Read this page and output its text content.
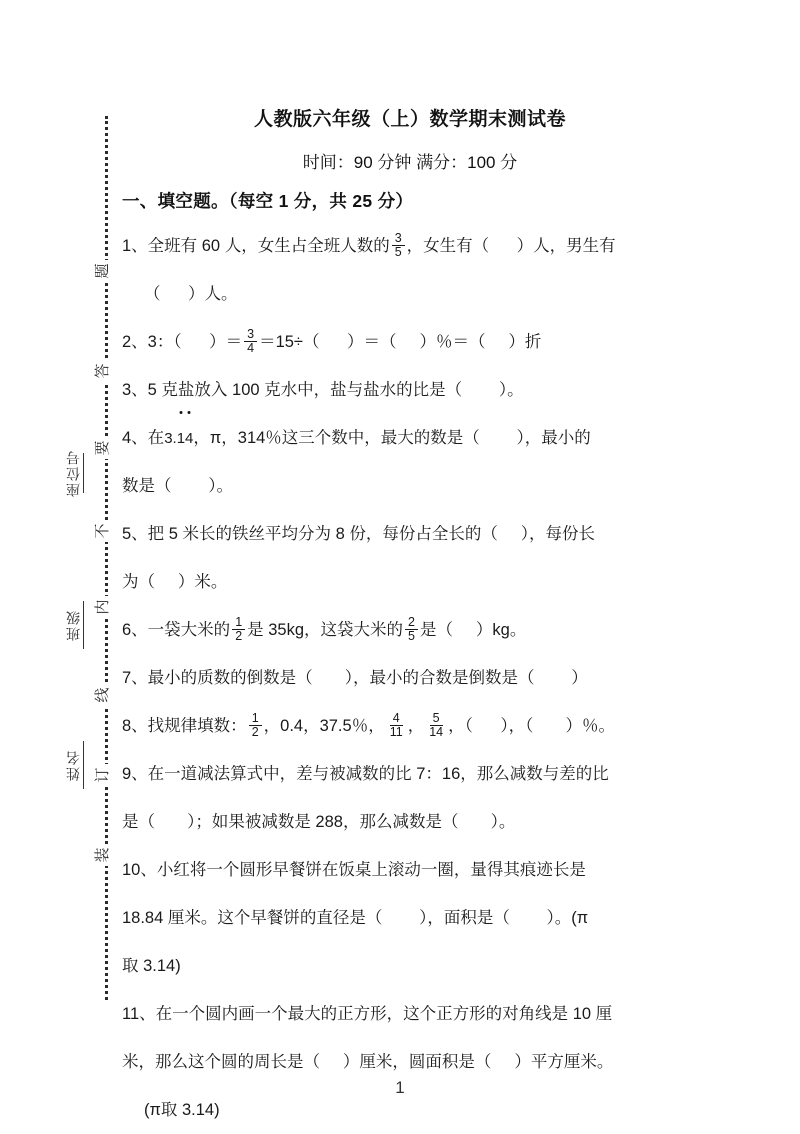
座位号
班级
姓名
题
答
要
不
内
线
订
装
人教版六年级（上）数学期末测试卷
时间：90 分钟 满分：100 分
一、填空题。（每空 1 分，共 25 分）
1、全班有 60 人，女生占全班人数的 $\frac{3}{5}$ ，女生有（ ）人，男生有
（ ）人。
2、3：（ ）＝ $\frac{3}{4} =15\div$（ ）＝（ ）％＝（ ）折
3、5 克盐放入 100 克水中，盐与盐水的比是（ ）。
4、在3.14，π，314％这三个数中，最大的数是（ ），最小的
数是（ ）。
5、把 5 米长的铁丝平均分为 8 份，每份占全长的（ ），每份长
为（ ）米。
6、一袋大米的 $\frac{1}{2}$ 是 35kg，这袋大米的 $\frac{2}{5}$ 是（ ）kg。
7、最小的质数的倒数是（ ），最小的合数是倒数是（ ）
8、找规律填数： $\frac{1}{2}$ ，0.4，37.5％， $\frac{4}{11}$ ， $\frac{5}{14}$ ，（ ），（ ）％。
9、在一道减法算式中，差与被减数的比 7：16，那么减数与差的比
是（ ）；如果被减数是 288，那么减数是（ ）。
10、小红将一个圆形早餐饼在饭桌上滚动一圈，量得其痕迹长是
18.84 厘米。这个早餐饼的直径是（ ），面积是（ ）。(π
取 3.14)
11、在一个圆内画一个最大的正方形，这个正方形的对角线是 10 厘
米，那么这个圆的周长是（ ）厘米，圆面积是（ ）平方厘米。
(π取 3.14)
1
